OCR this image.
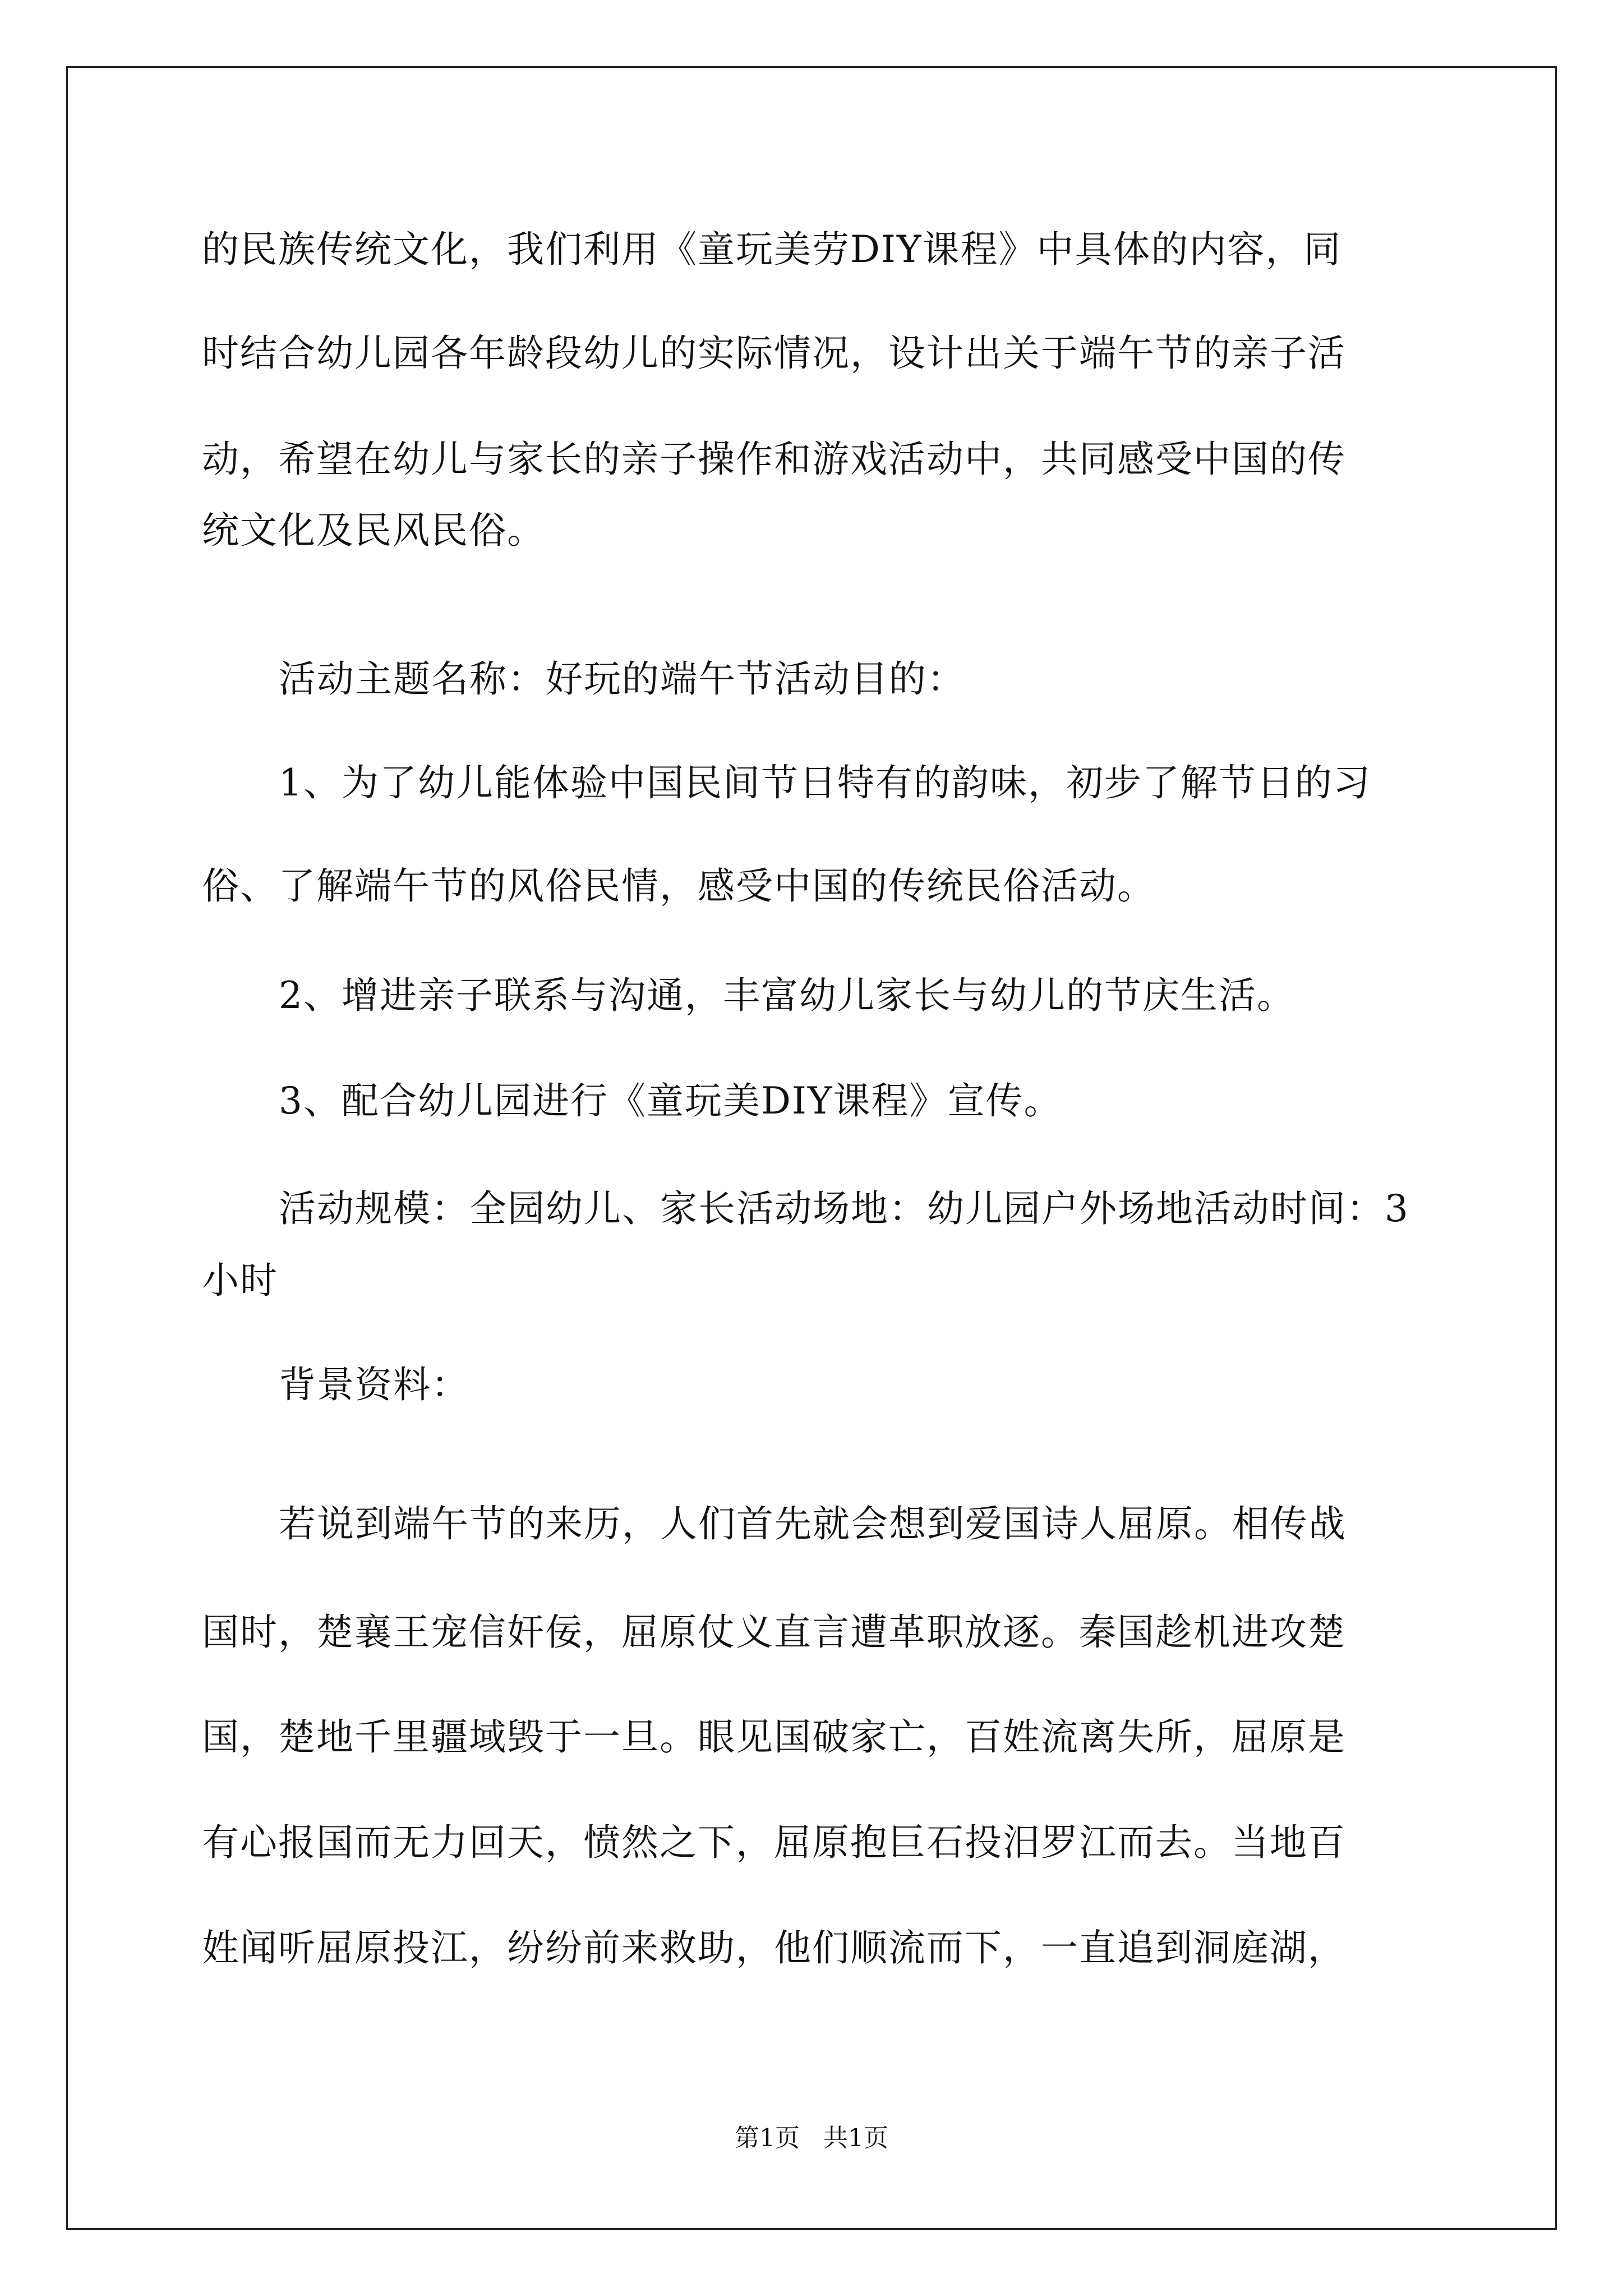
的民族传统文化，我们利用《童玩美劳DIY课程》中具体的内容，同
时结合幼儿园各年龄段幼儿的实际情况，设计出关于端午节的亲子活
动，希望在幼儿与家长的亲子操作和游戏活动中，共同感受中国的传
统文化及民风民俗。
活动主题名称：好玩的端午节活动目的：
1、为了幼儿能体验中国民间节日特有的韵味，初步了解节日的习
俗、了解端午节的风俗民情，感受中国的传统民俗活动。
2、增进亲子联系与沟通，丰富幼儿家长与幼儿的节庆生活。
3、配合幼儿园进行《童玩美DIY课程》宣传。
活动规模：全园幼儿、家长活动场地：幼儿园户外场地活动时间：3
小时
背景资料：
若说到端午节的来历，人们首先就会想到爱国诗人屈原。相传战
国时，楚襄王宠信奸佞，屈原仗义直言遭革职放逐。秦国趁机进攻楚
国，楚地千里疆域毁于一旦。眼见国破家亡，百姓流离失所，屈原是
有心报国而无力回天，愤然之下，屈原抱巨石投汨罗江而去。当地百
姓闻听屈原投江，纷纷前来救助，他们顺流而下，一直追到洞庭湖，
第1页   共1页
